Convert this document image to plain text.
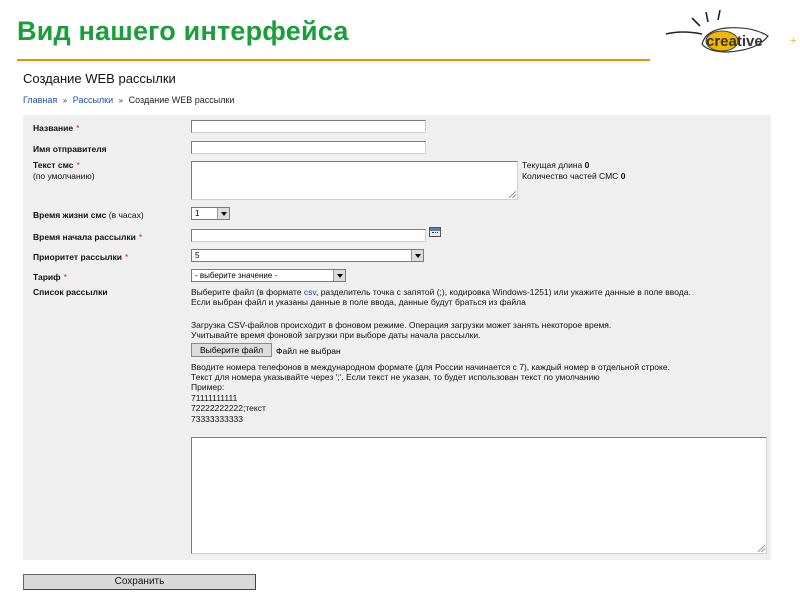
Вид нашего интерфейса	creative +
Создание WEB рассылки
Главная » Рассылки » Создание WEB рассылки
Название *
Имя отправителя
Текст смс *
(по умолчанию)
Текущая длина 0
Количество частей СМС 0
Время жизни смс (в часах)	1
Время начала рассылки *
Приоритет рассылки *	5
Тариф *	- выберите значение -
Список рассылки	Выберите файл (в формате csv, разделитель точка с запятой (;), кодировка Windows-1251) или укажите данные в поле ввода.
Если выбран файл и указаны данные в поле ввода, данные будут браться из файла
Загрузка CSV-файлов происходит в фоновом режиме. Операция загрузки может занять некоторое время.
Учитывайте время фоновой загрузки при выборе даты начала рассылки.
Выберите файл	Файл не выбран
Вводите номера телефонов в международном формате (для России начинается с 7), каждый номер в отдельной строке.
Текст для номера указывайте через ';'. Если текст не указан, то будет использован текст по умолчанию
Пример:
71111111111
72222222222;текст
73333333333
Сохранить
